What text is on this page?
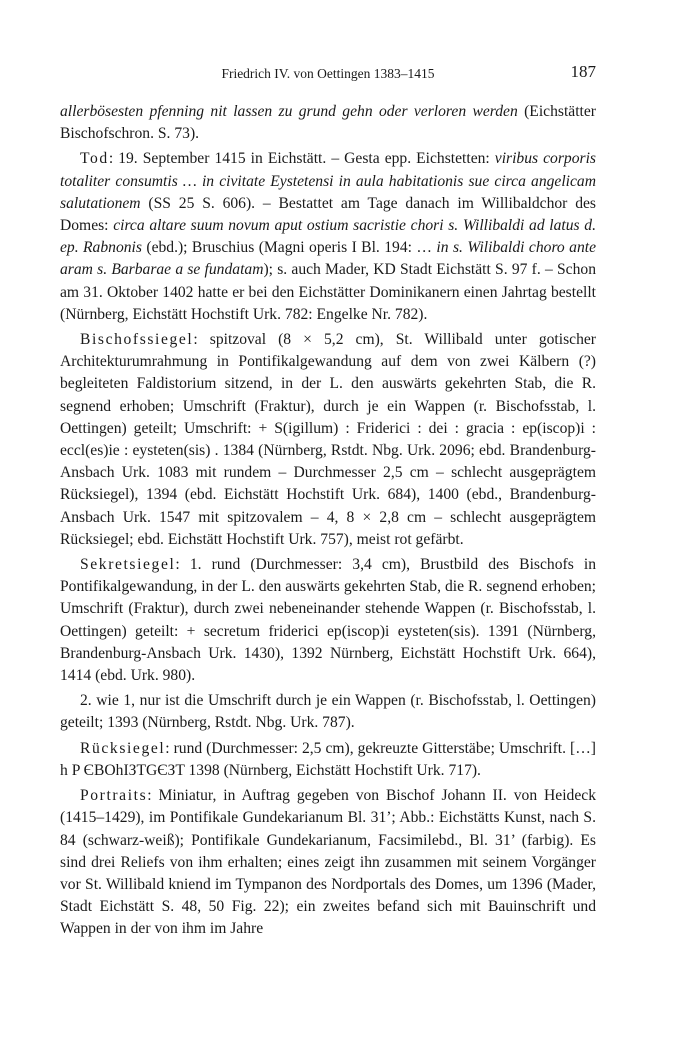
Friedrich IV. von Oettingen 1383–1415	187

allerbösesten pfenning nit lassen zu grund gehn oder verloren werden (Eichstätter Bischofschron. S. 73).

Tod: 19. September 1415 in Eichstätt. – Gesta epp. Eichstetten: viribus corporis totaliter consumtis … in civitate Eystetensi in aula habitationis sue circa angelicam salutationem (SS 25 S. 606). – Bestattet am Tage danach im Willibaldchor des Domes: circa altare suum novum aput ostium sacristie chori s. Willibaldi ad latus d. ep. Rabnonis (ebd.); Bruschius (Magni operis I Bl. 194: … in s. Wilibaldi choro ante aram s. Barbarae a se fundatam); s. auch Mader, KD Stadt Eichstätt S. 97 f. – Schon am 31. Oktober 1402 hatte er bei den Eichstätter Dominikanern einen Jahrtag bestellt (Nürnberg, Eichstätt Hochstift Urk. 782: Engelke Nr. 782).

Bischofssiegel: spitzoval (8 × 5,2 cm), St. Willibald unter gotischer Architekturumrahmung in Pontifikalgewandung auf dem von zwei Kälbern (?) begleiteten Faldistorium sitzend, in der L. den auswärts gekehrten Stab, die R. segnend erhoben; Umschrift (Fraktur), durch je ein Wappen (r. Bischofsstab, l. Oettingen) geteilt; Umschrift: + S(igillum) : Friderici : dei : gracia : ep(iscop)i : eccl(es)ie : eysteten(sis) . 1384 (Nürnberg, Rstdt. Nbg. Urk. 2096; ebd. Brandenburg-Ansbach Urk. 1083 mit rundem – Durchmesser 2,5 cm – schlecht ausgeprägtem Rücksiegel), 1394 (ebd. Eichstätt Hochstift Urk. 684), 1400 (ebd., Brandenburg-Ansbach Urk. 1547 mit spitzovalem – 4, 8 × 2,8 cm – schlecht ausgeprägtem Rücksiegel; ebd. Eichstätt Hochstift Urk. 757), meist rot gefärbt.

Sekretsiegel: 1. rund (Durchmesser: 3,4 cm), Brustbild des Bischofs in Pontifikalgewandung, in der L. den auswärts gekehrten Stab, die R. segnend erhoben; Umschrift (Fraktur), durch zwei nebeneinander stehende Wappen (r. Bischofsstab, l. Oettingen) geteilt: + secretum friderici ep(iscop)i eysteten(sis). 1391 (Nürnberg, Brandenburg-Ansbach Urk. 1430), 1392 Nürnberg, Eichstätt Hochstift Urk. 664), 1414 (ebd. Urk. 980).

2. wie 1, nur ist die Umschrift durch je ein Wappen (r. Bischofsstab, l. Oettingen) geteilt; 1393 (Nürnberg, Rstdt. Nbg. Urk. 787).

Rücksiegel: rund (Durchmesser: 2,5 cm), gekreuzte Gitterstäbe; Umschrift. […] h P ЄBOhIЗTGЄЗT 1398 (Nürnberg, Eichstätt Hochstift Urk. 717).

Portraits: Miniatur, in Auftrag gegeben von Bischof Johann II. von Heideck (1415–1429), im Pontifikale Gundekarianum Bl. 31’; Abb.: Eichstätts Kunst, nach S. 84 (schwarz-weiß); Pontifikale Gundekarianum, Facsimilebd., Bl. 31’ (farbig). Es sind drei Reliefs von ihm erhalten; eines zeigt ihn zusammen mit seinem Vorgänger vor St. Willibald kniend im Tympanon des Nordportals des Domes, um 1396 (Mader, Stadt Eichstätt S. 48, 50 Fig. 22); ein zweites befand sich mit Bauinschrift und Wappen in der von ihm im Jahre
